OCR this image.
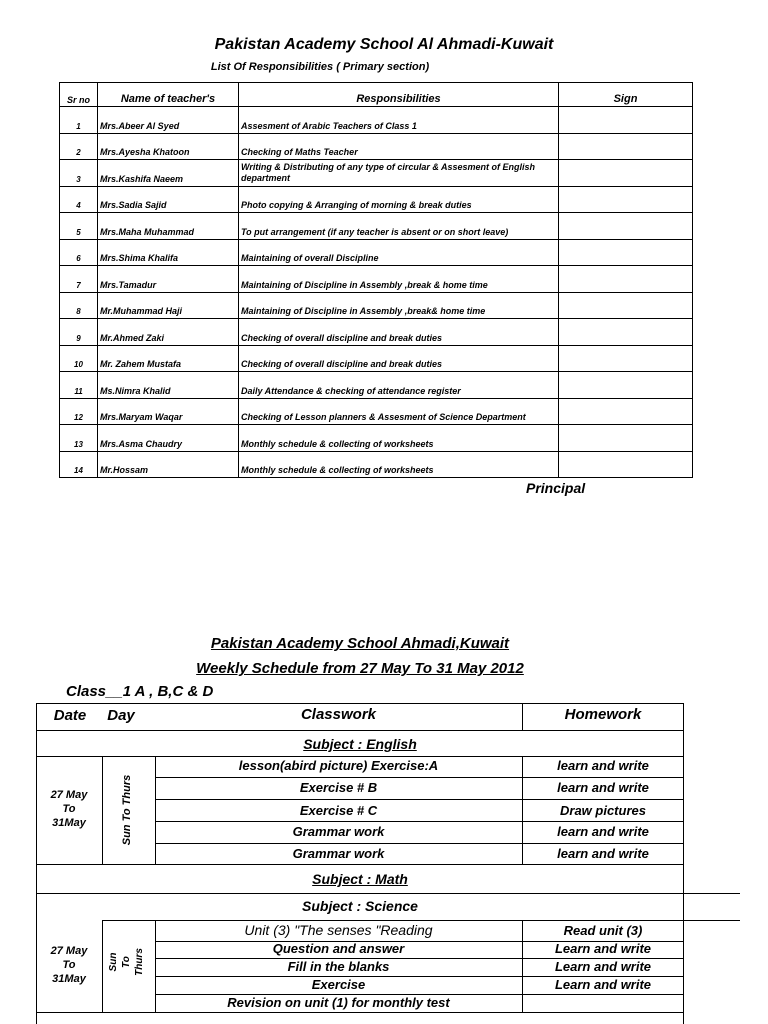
Pakistan Academy School Al Ahmadi-Kuwait
List Of Responsibilities ( Primary section)
Sr no	Name of teacher's	Responsibilities	Sign
1	Mrs.Abeer Al Syed	Assesment of Arabic Teachers of Class 1	
2	Mrs.Ayesha Khatoon	Checking of Maths Teacher	
3	Mrs.Kashifa Naeem	Writing & Distributing of any type of circular & Assesment of English department	
4	Mrs.Sadia Sajid	Photo copying & Arranging of morning & break duties	
5	Mrs.Maha Muhammad	To put arrangement (if any teacher is absent or on short leave)	
6	Mrs.Shima Khalifa	Maintaining of overall Discipline	
7	Mrs.Tamadur	Maintaining of Discipline in Assembly ,break & home time	
8	Mr.Muhammad Haji	Maintaining of Discipline in Assembly ,break& home time	
9	Mr.Ahmed Zaki	Checking of overall discipline and break duties	
10	Mr. Zahem Mustafa	Checking of overall discipline and break duties	
11	Ms.Nimra Khalid	Daily Attendance & checking of attendance register	
12	Mrs.Maryam Waqar	Checking of Lesson planners & Assesment of Science Department	
13	Mrs.Asma Chaudry	Monthly schedule & collecting of worksheets	
14	Mr.Hossam	Monthly schedule & collecting of worksheets	
Principal
Pakistan Academy School Ahmadi,Kuwait
Weekly Schedule from 27 May To 31 May 2012
Class__1 A , B,C & D
Date	Day	Classwork	Homework
Subject : English
27 May
To
31May	Sun To Thurs
lesson(abird picture) Exercise:A	learn and write
Exercise # B	learn and write
Exercise # C	Draw pictures
Grammar work	learn and write
Grammar work	learn and write
Subject : Math
Subject : Science
27 May
To
31May
Sun To Thurs
Unit (3) "The senses "Reading	Read unit (3)
Question and answer	Learn and write
Fill in the blanks	Learn and write
Exercise	Learn and write
Revision on unit (1) for monthly test
